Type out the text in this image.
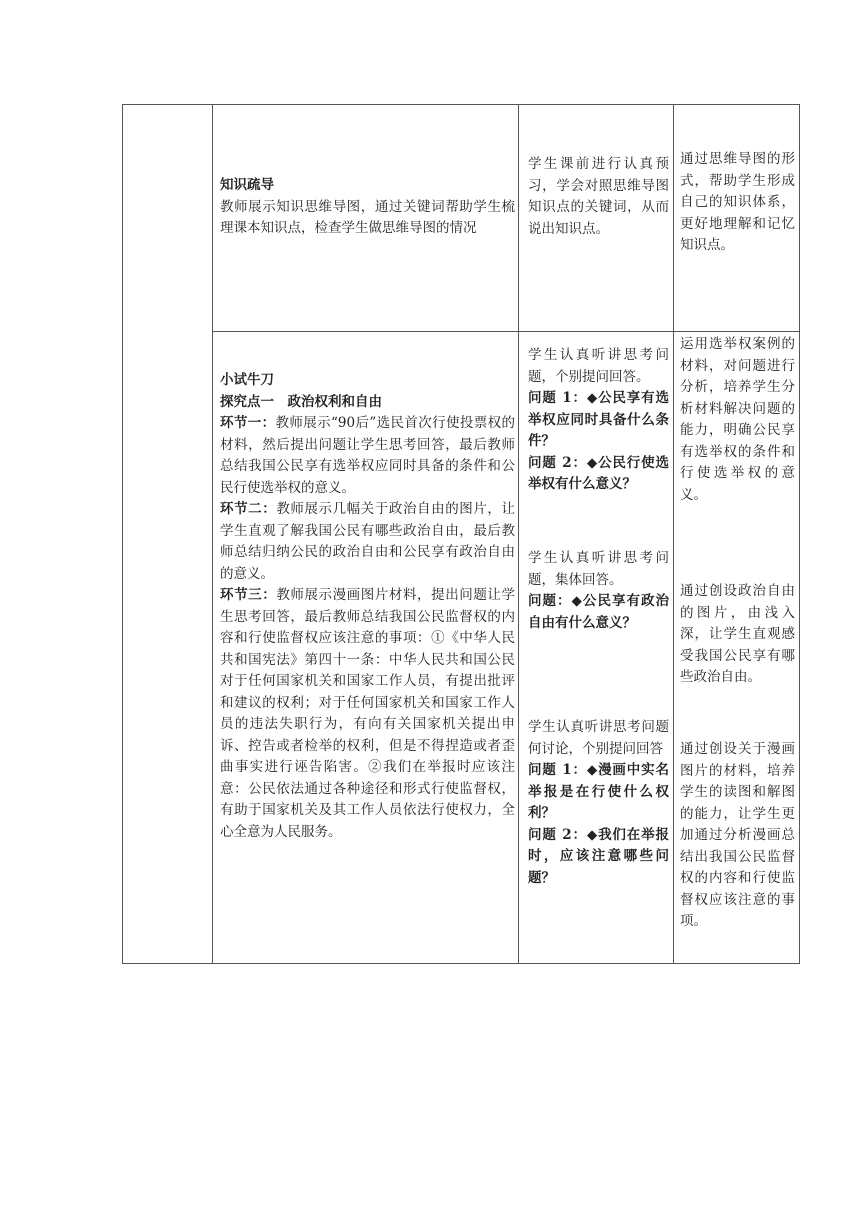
知识疏导

教师展示知识思维导图，通过关键词帮助学生梳理课本知识点，检查学生做思维导图的情况

学生课前进行认真预习，学会对照思维导图知识点的关键词，从而说出知识点。

通过思维导图的形式，帮助学生形成自己的知识体系，更好地理解和记忆知识点。

小试牛刀

探究点一　政治权利和自由

环节一：教师展示“90后”选民首次行使投票权的材料，然后提出问题让学生思考回答，最后教师总结我国公民享有选举权应同时具备的条件和公民行使选举权的意义。

环节二：教师展示几幅关于政治自由的图片，让学生直观了解我国公民有哪些政治自由，最后教师总结归纳公民的政治自由和公民享有政治自由的意义。

环节三：教师展示漫画图片材料，提出问题让学生思考回答，最后教师总结我国公民监督权的内容和行使监督权应该注意的事项：①《中华人民共和国宪法》第四十一条：中华人民共和国公民对于任何国家机关和国家工作人员，有提出批评和建议的权利；对于任何国家机关和国家工作人员的违法失职行为，有向有关国家机关提出申诉、控告或者检举的权利，但是不得捏造或者歪曲事实进行诬告陷害。②我们在举报时应该注意：公民依法通过各种途径和形式行使监督权，有助于国家机关及其工作人员依法行使权力，全心全意为人民服务。

学生认真听讲思考问题，个别提问回答。

问题 1：◆公民享有选举权应同时具备什么条件？

问题 2：◆公民行使选举权有什么意义？

学生认真听讲思考问题，集体回答。

问题：◆公民享有政治自由有什么意义？

学生认真听讲思考问题何讨论，个别提问回答

问题 1：◆漫画中实名举报是在行使什么权利？

问题 2：◆我们在举报时，应该注意哪些问题？

运用选举权案例的材料，对问题进行分析，培养学生分析材料解决问题的能力，明确公民享有选举权的条件和行使选举权的意义。

通过创设政治自由的图片，由浅入深，让学生直观感受我国公民享有哪些政治自由。

通过创设关于漫画图片的材料，培养学生的读图和解图的能力，让学生更加通过分析漫画总结出我国公民监督权的内容和行使监督权应该注意的事项。
